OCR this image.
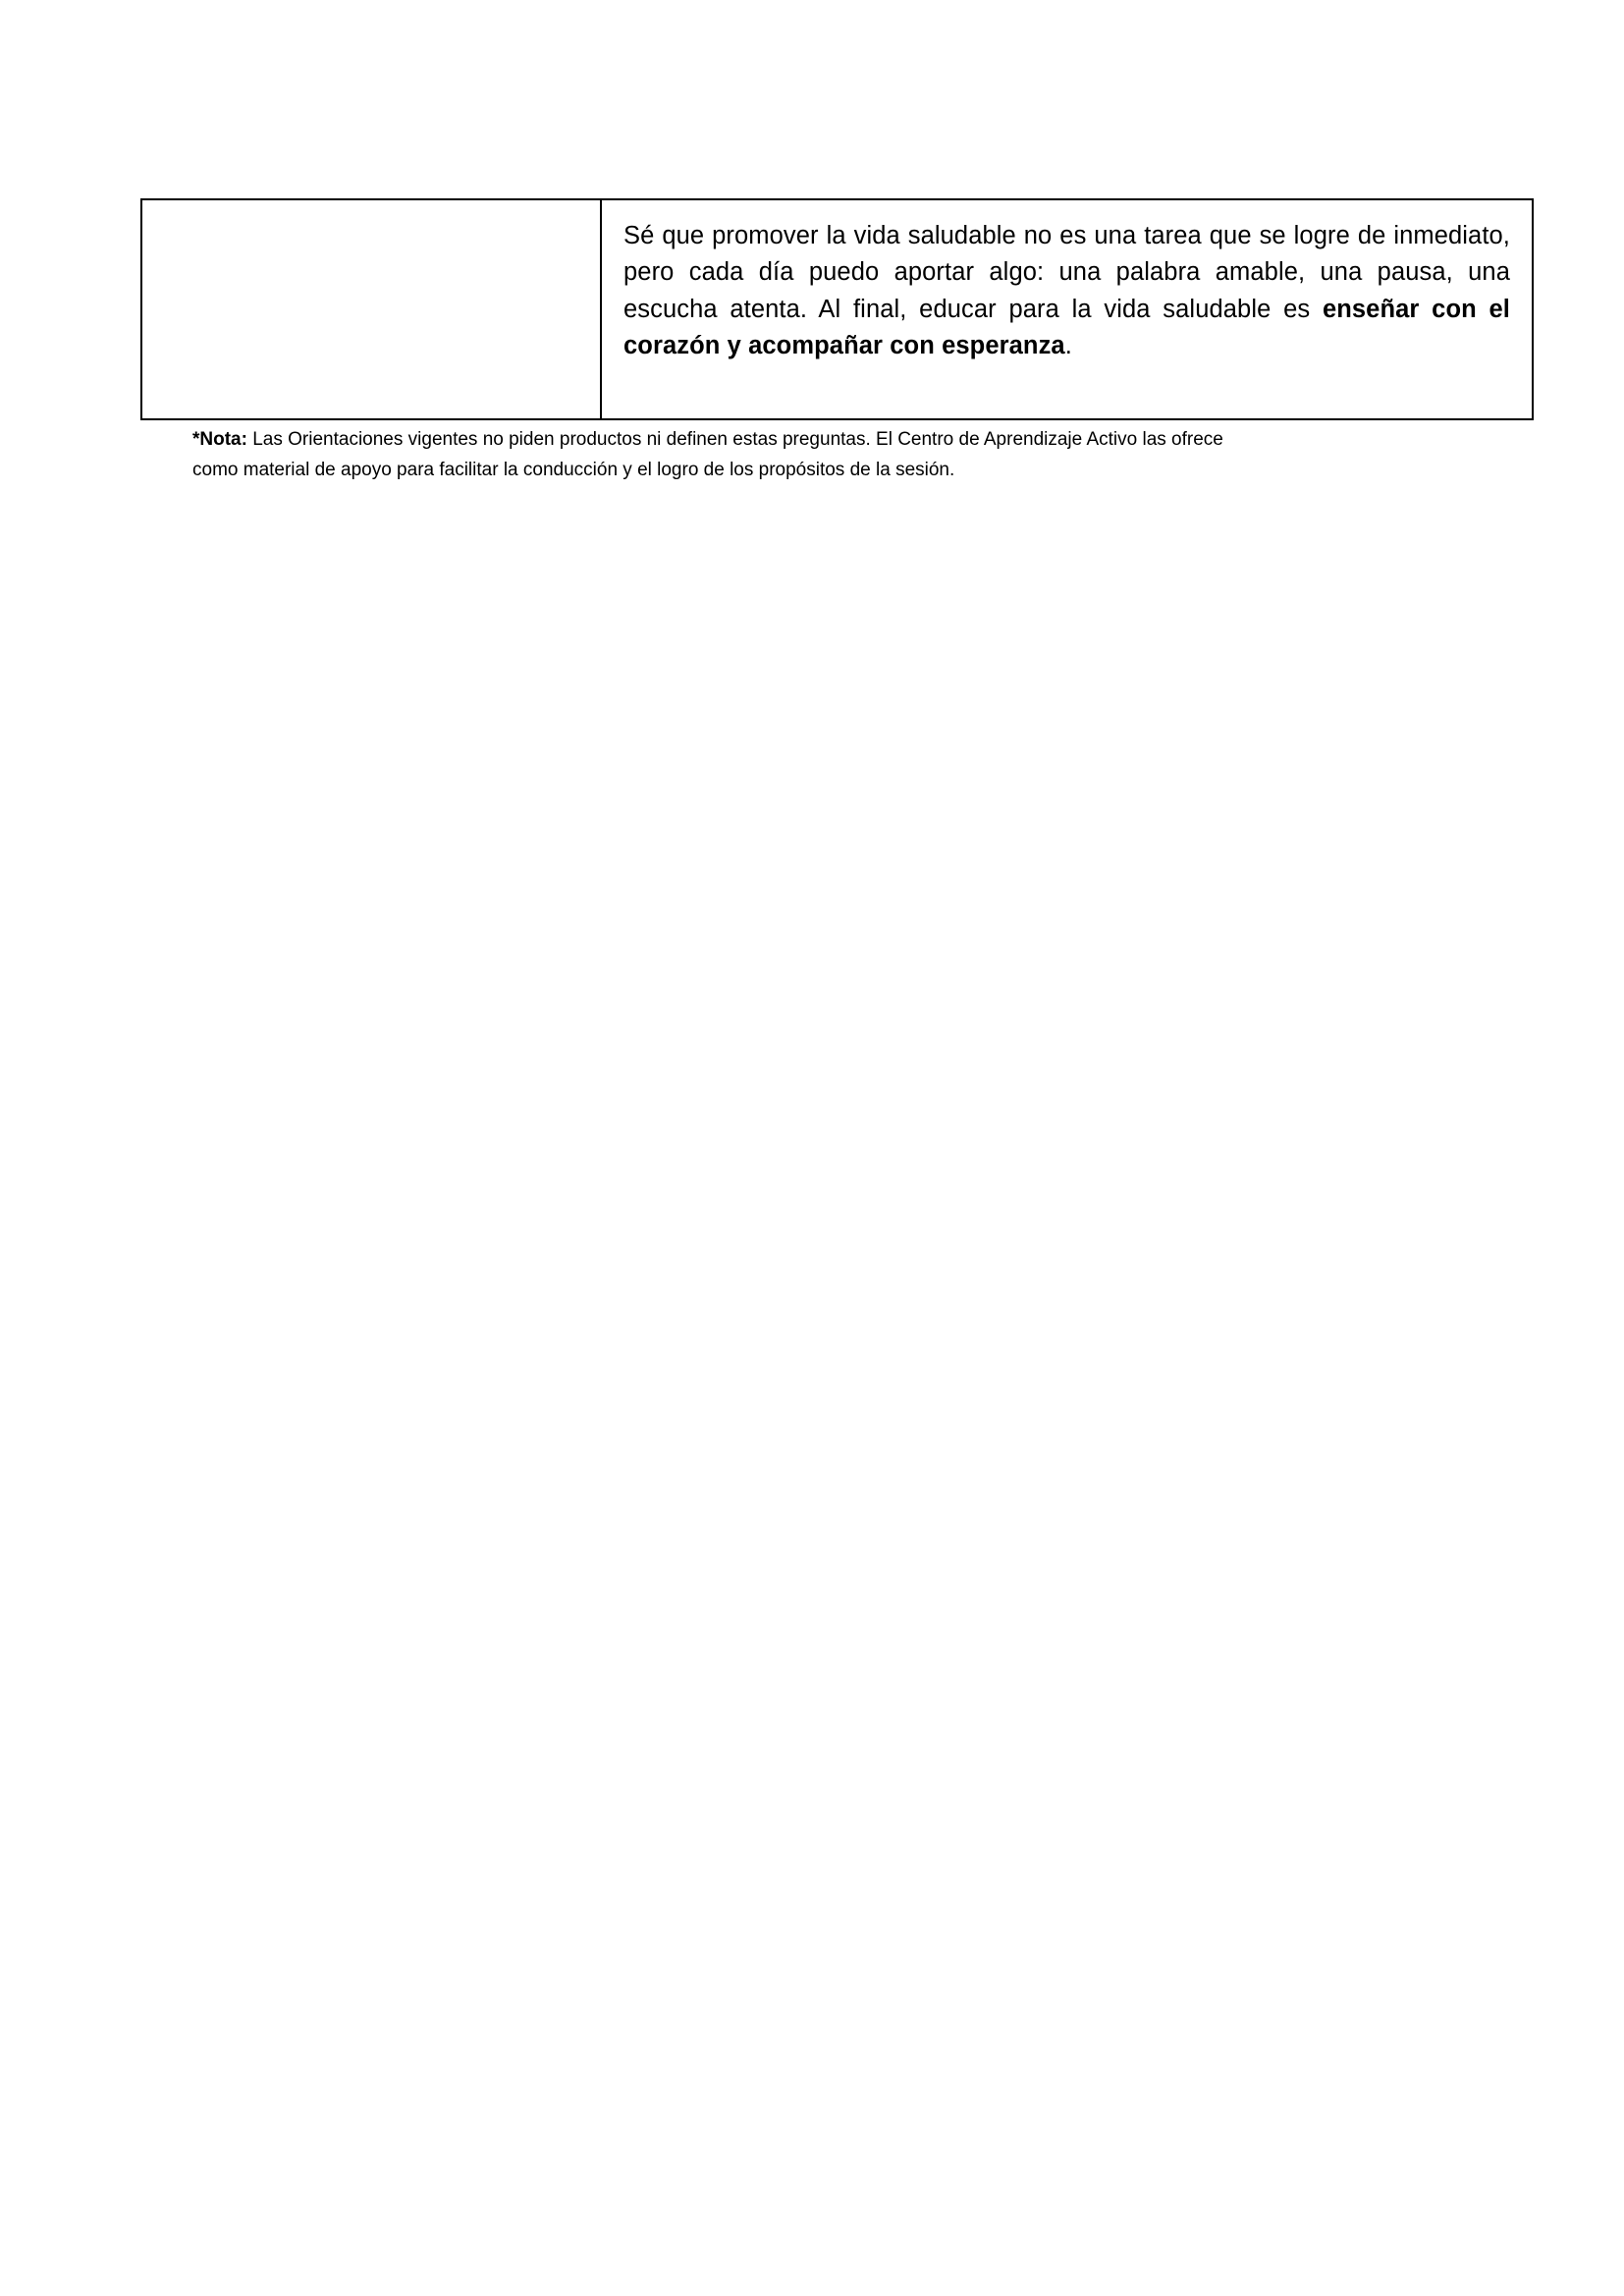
Sé que promover la vida saludable no es una tarea que se logre de inmediato, pero cada día puedo aportar algo: una palabra amable, una pausa, una escucha atenta. Al final, educar para la vida saludable es enseñar con el corazón y acompañar con esperanza.

*Nota: Las Orientaciones vigentes no piden productos ni definen estas preguntas. El Centro de Aprendizaje Activo las ofrece
como material de apoyo para facilitar la conducción y el logro de los propósitos de la sesión.
